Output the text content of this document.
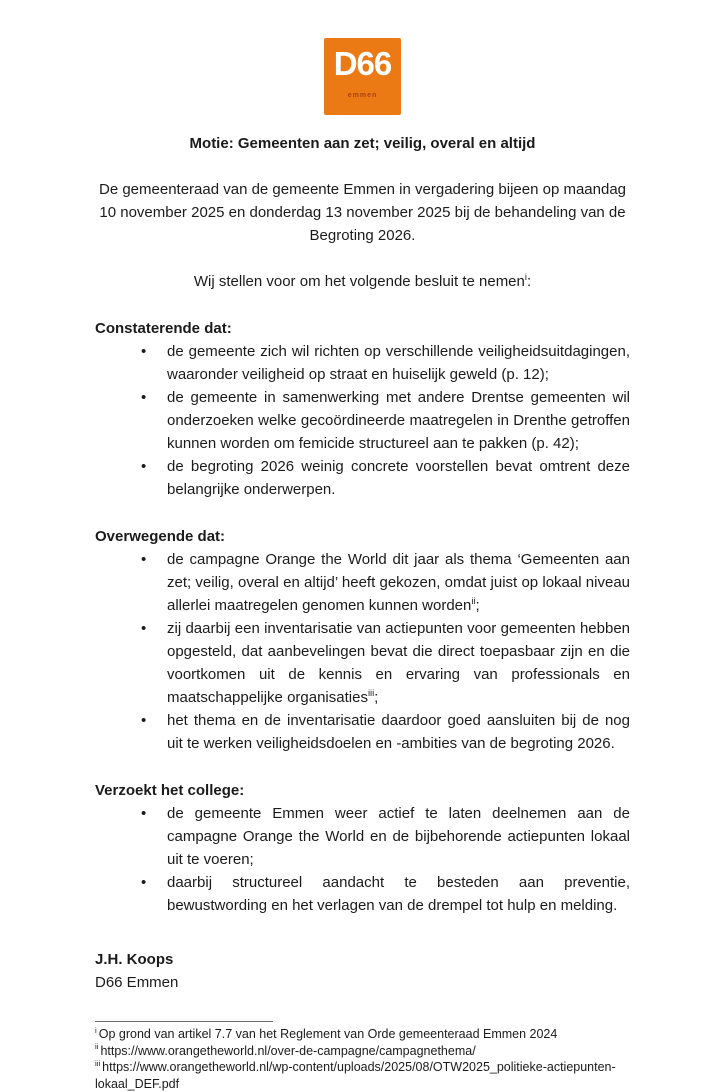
D66
emmen
Motie: Gemeenten aan zet; veilig, overal en altijd

De gemeenteraad van de gemeente Emmen in vergadering bijeen op maandag 10 november 2025 en donderdag 13 november 2025 bij de behandeling van de Begroting 2026.

Wij stellen voor om het volgende besluit te nemen$^i$:

Constaterende dat:
• de gemeente zich wil richten op verschillende veiligheidsuitdagingen, waaronder veiligheid op straat en huiselijk geweld (p. 12);
• de gemeente in samenwerking met andere Drentse gemeenten wil onderzoeken welke gecoördineerde maatregelen in Drenthe getroffen kunnen worden om femicide structureel aan te pakken (p. 42);
• de begroting 2026 weinig concrete voorstellen bevat omtrent deze belangrijke onderwerpen.
Overwegende dat:
• de campagne Orange the World dit jaar als thema ‘Gemeenten aan zet; veilig, overal en altijd’ heeft gekozen, omdat juist op lokaal niveau allerlei maatregelen genomen kunnen worden$^{ii}$;
• zij daarbij een inventarisatie van actiepunten voor gemeenten hebben opgesteld, dat aanbevelingen bevat die direct toepasbaar zijn en die voortkomen uit de kennis en ervaring van professionals en maatschappelijke organisaties$^{iii}$;
• het thema en de inventarisatie daardoor goed aansluiten bij de nog uit te werken veiligheidsdoelen en -ambities van de begroting 2026.
Verzoekt het college:
• de gemeente Emmen weer actief te laten deelnemen aan de campagne Orange the World en de bijbehorende actiepunten lokaal uit te voeren;
• daarbij structureel aandacht te besteden aan preventie, bewustwording en het verlagen van de drempel tot hulp en melding.
J.H. Koops
D66 Emmen

$^i$ Op grond van artikel 7.7 van het Reglement van Orde gemeenteraad Emmen 2024

$^{ii}$ https://www.orangetheworld.nl/over-de-campagne/campagnethema/

$^{iii}$ https://www.orangetheworld.nl/wp-content/uploads/2025/08/OTW2025_politieke-actiepunten-lokaal_DEF.pdf
